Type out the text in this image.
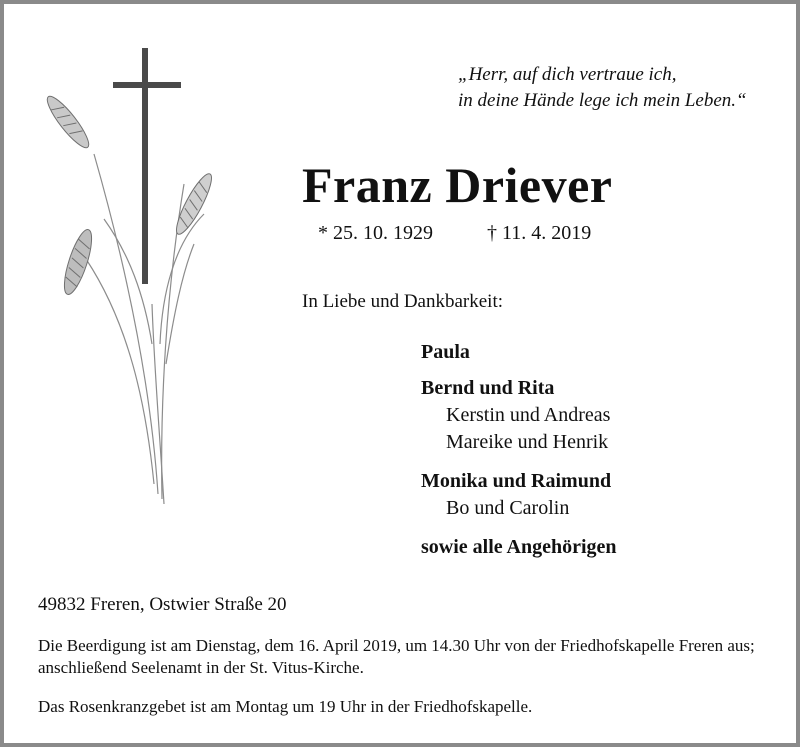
„Herr, auf dich vertraue ich,
in deine Hände lege ich mein Leben.“
Franz Driever
* 25. 10. 1929	† 11. 4. 2019
In Liebe und Dankbarkeit:
Paula
Bernd und Rita
Kerstin und Andreas
Mareike und Henrik
Monika und Raimund
Bo und Carolin
sowie alle Angehörigen
49832 Freren, Ostwier Straße 20
Die Beerdigung ist am Dienstag, dem 16. April 2019, um 14.30 Uhr von der Friedhofskapelle Freren aus; anschließend Seelenamt in der St. Vitus-Kirche.
Das Rosenkranzgebet ist am Montag um 19 Uhr in der Friedhofskapelle.
